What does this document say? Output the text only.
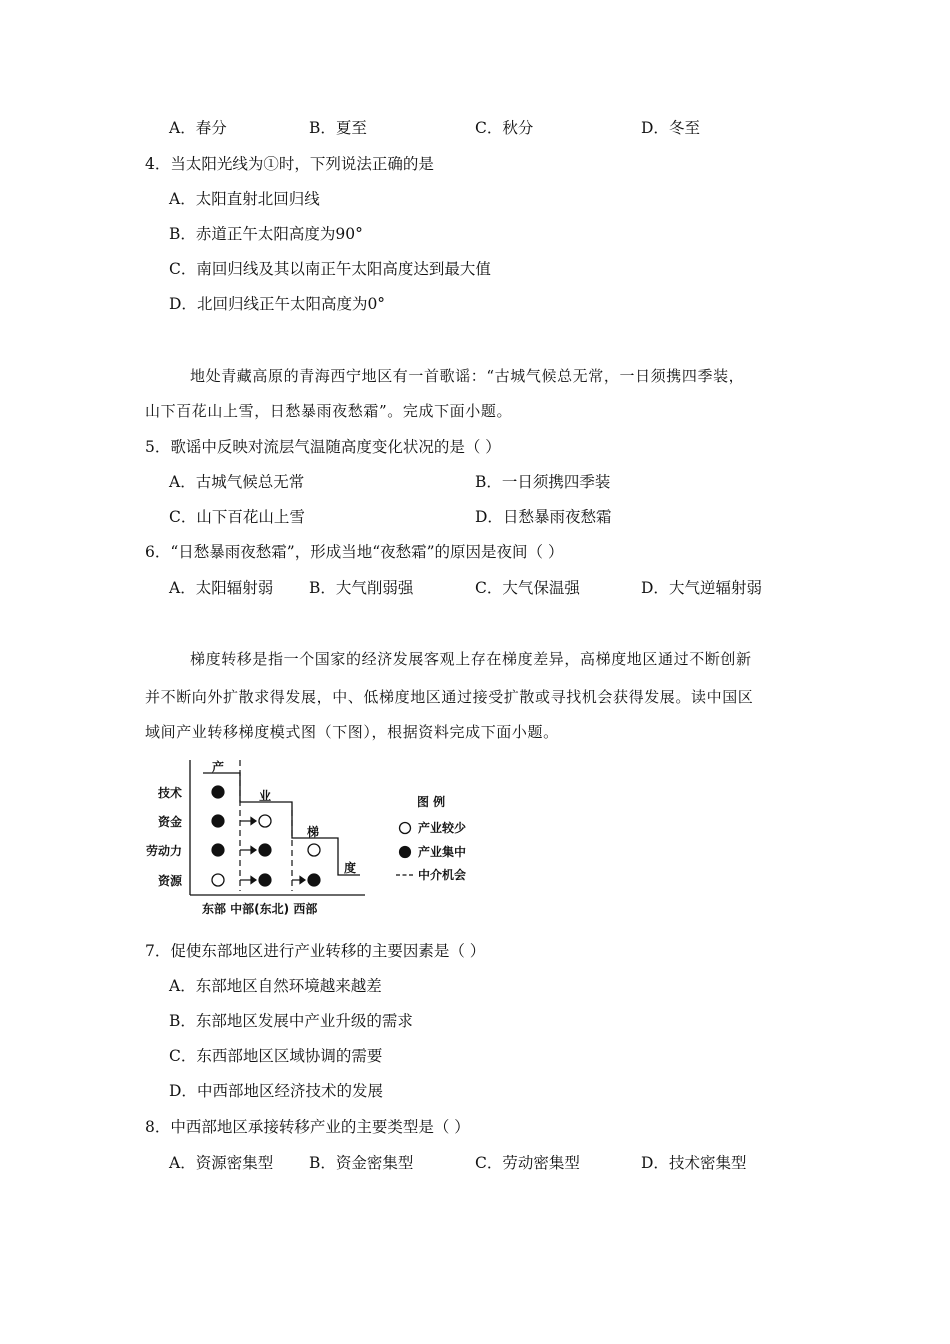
A．春分	B．夏至	C．秋分	D．冬至
4．当太阳光线为①时，下列说法正确的是
A．太阳直射北回归线
B．赤道正午太阳高度为90°
C．南回归线及其以南正午太阳高度达到最大值
D．北回归线正午太阳高度为0°
地处青藏高原的青海西宁地区有一首歌谣：“古城气候总无常，一日须携四季装，
山下百花山上雪，日愁暴雨夜愁霜”。完成下面小题。
5．歌谣中反映对流层气温随高度变化状况的是（ ）
A．古城气候总无常	B．一日须携四季装
C．山下百花山上雪	D．日愁暴雨夜愁霜
6．“日愁暴雨夜愁霜”，形成当地“夜愁霜”的原因是夜间（ ）
A．太阳辐射弱 B．大气削弱强	C．大气保温强	D．大气逆辐射弱
梯度转移是指一个国家的经济发展客观上存在梯度差异，高梯度地区通过不断创新
并不断向外扩散求得发展，中、低梯度地区通过接受扩散或寻找机会获得发展。读中国区
域间产业转移梯度模式图（下图），根据资料完成下面小题。
产
业
梯
度
技术
资金
劳动力
资源
东部 中部(东北) 西部
图 例
产业较少
产业集中
中介机会
7．促使东部地区进行产业转移的主要因素是（ ）
A．东部地区自然环境越来越差
B．东部地区发展中产业升级的需求
C．东西部地区区域协调的需要
D．中西部地区经济技术的发展
8．中西部地区承接转移产业的主要类型是（ ）
A．资源密集型 B．资金密集型	C．劳动密集型	D．技术密集型
